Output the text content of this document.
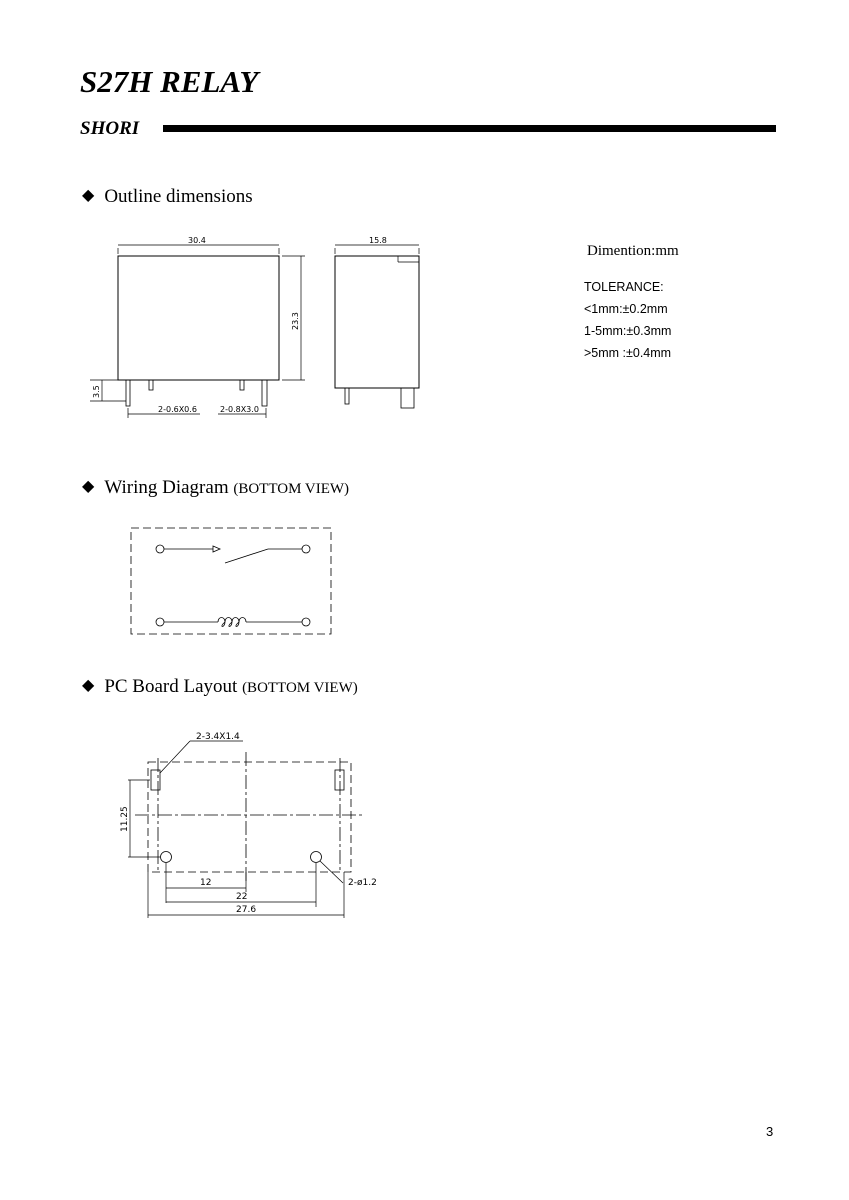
S27H RELAY
SHORI
◆ Outline dimensions
30.4
23.3
3.5
2-0.6X0.6	2-0.8X3.0
15.8
Dimention:mm
TOLERANCE:
<1mm:±0.2mm
1-5mm:±0.3mm
>5mm :±0.4mm
◆ Wiring Diagram (BOTTOM VIEW)
◆ PC Board Layout (BOTTOM VIEW)
2-3.4X1.4
2-ø1.2
11.25
12
22
27.6
3
